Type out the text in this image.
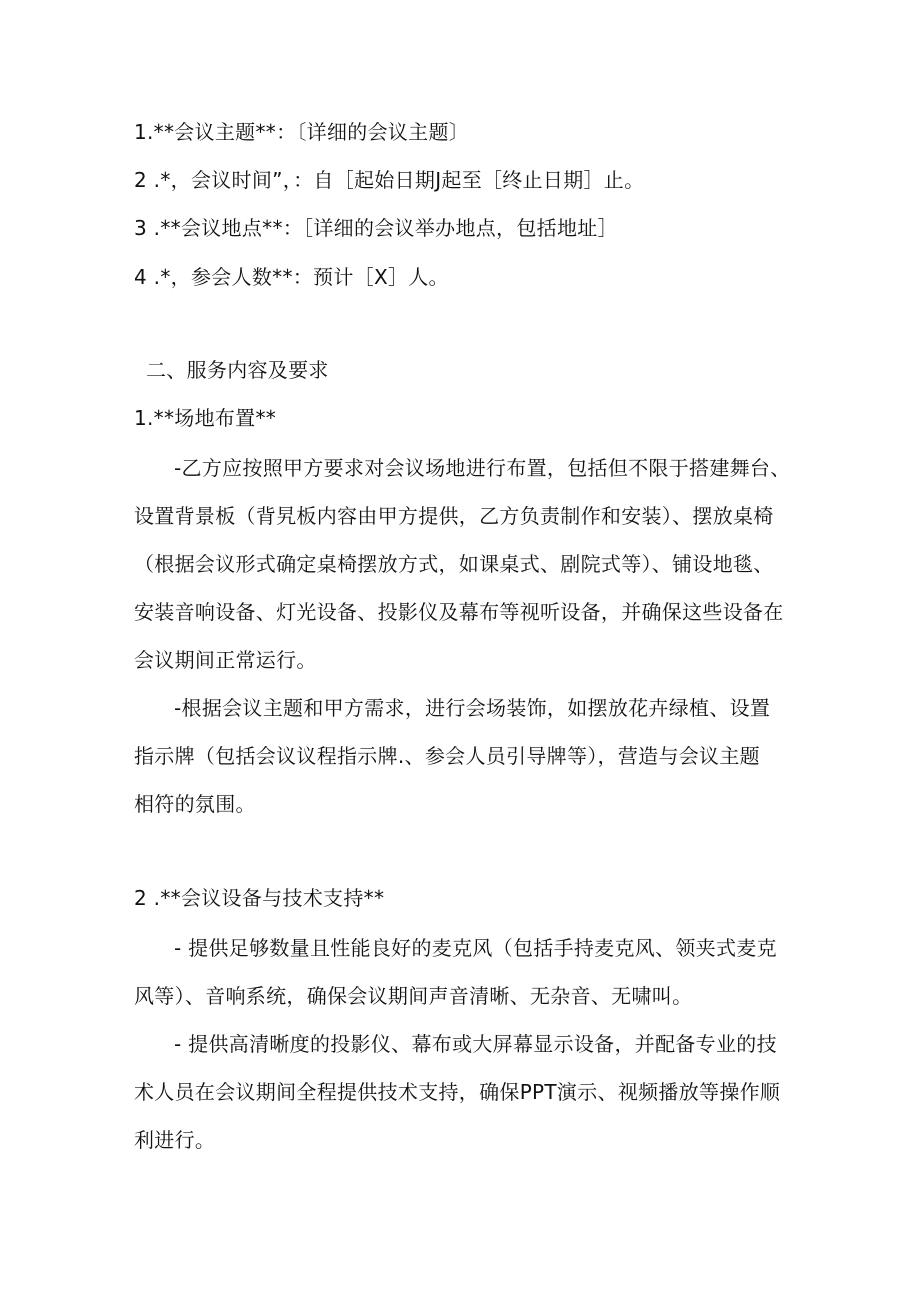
1.**会议主题**：〔详细的会议主题〕
2 .*，会议时间”，：自［起始日期J起至［终止日期］止。
3 .**会议地点**：［详细的会议举办地点，包括地址］
4 .*，参会人数**：预计［X］人。
二、服务内容及要求
1.**场地布置**
-乙方应按照甲方要求对会议场地进行布置，包括但不限于搭建舞台、
设置背景板（背旯板内容由甲方提供，乙方负责制作和安装）、摆放桌椅
（根据会议形式确定桌椅摆放方式，如课桌式、剧院式等）、铺设地毯、
安装音响设备、灯光设备、投影仪及幕布等视听设备，并确保这些设备在
会议期间正常运行。
-根据会议主题和甲方需求，进行会场装饰，如摆放花卉绿植、设置
指示牌（包括会议议程指示牌.、参会人员引导牌等），营造与会议主题
相符的氛围。
2 .**会议设备与技术支持**
- 提供足够数量且性能良好的麦克风（包括手持麦克风、领夹式麦克
风等）、音响系统，确保会议期间声音清晰、无杂音、无啸叫。
- 提供高清晰度的投影仪、幕布或大屏幕显示设备，并配备专业的技
术人员在会议期间全程提供技术支持，确保PPT演示、视频播放等操作顺
利进行。
